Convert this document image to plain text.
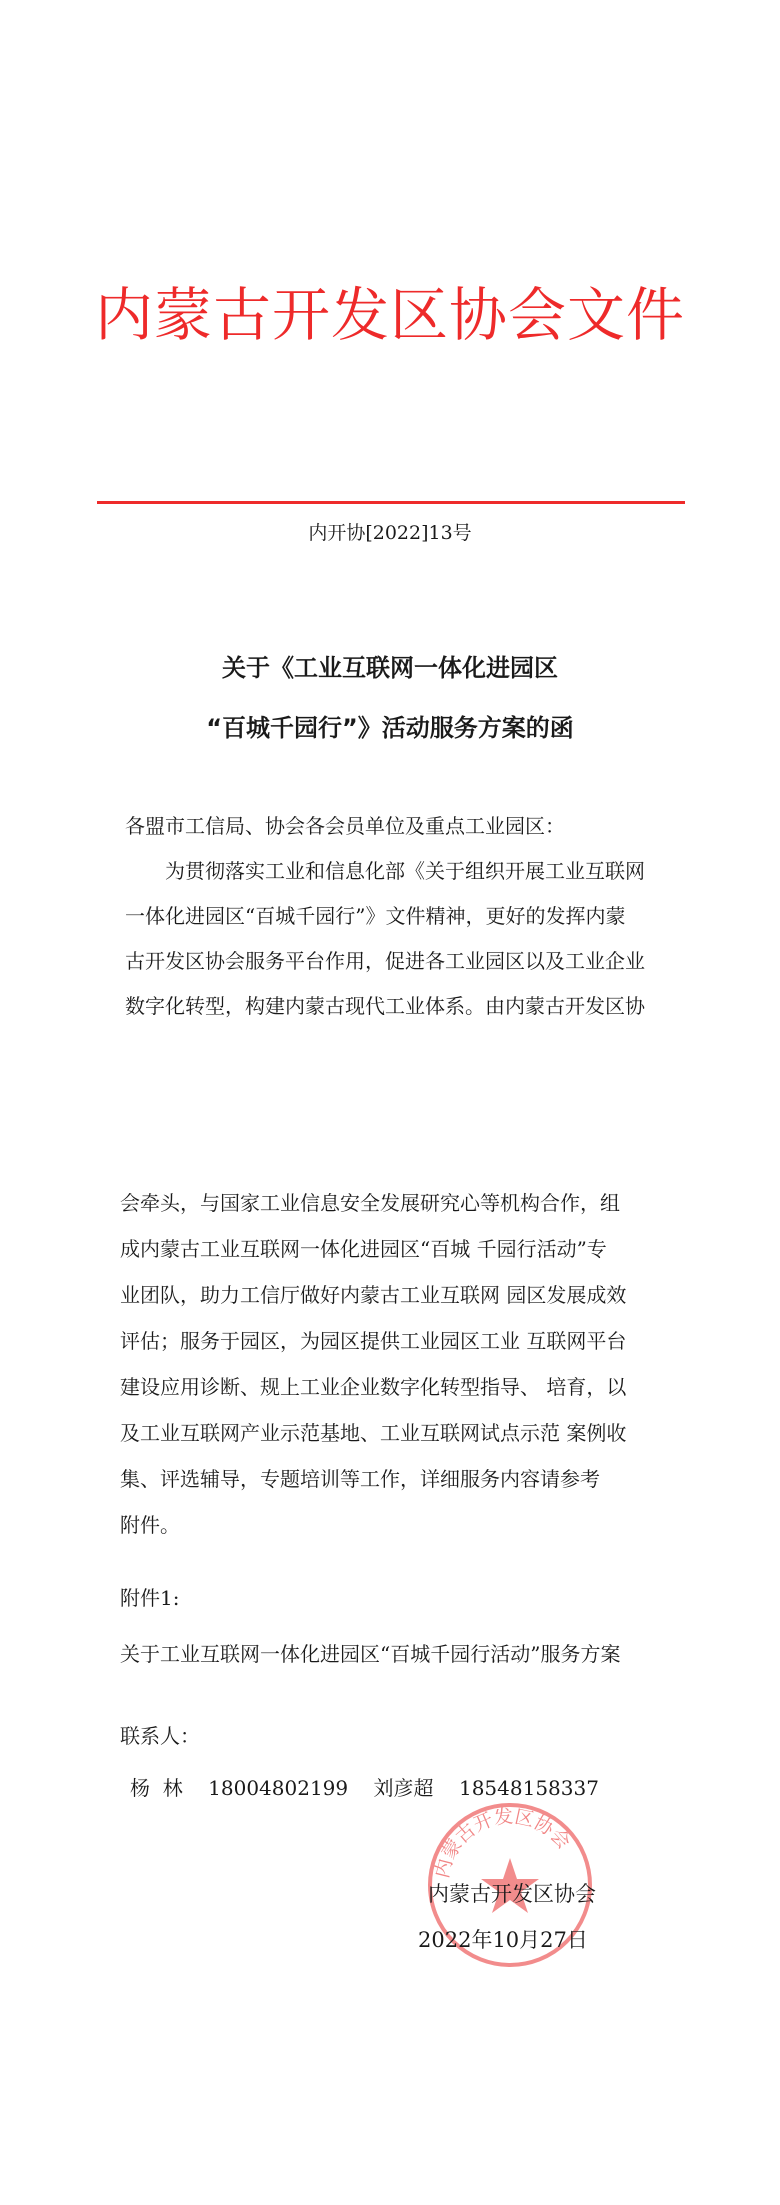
内蒙古开发区协会文件
内开协[2022]13号
关于《工业互联网一体化进园区
“百城千园行”》活动服务方案的函
各盟市工信局、协会各会员单位及重点工业园区：
为贯彻落实工业和信息化部《关于组织开展工业互联网
一体化进园区“百城千园行”》文件精神，更好的发挥内蒙
古开发区协会服务平台作用，促进各工业园区以及工业企业
数字化转型，构建内蒙古现代工业体系。由内蒙古开发区协
会牵头，与国家工业信息安全发展研究心等机构合作，组
成内蒙古工业互联网一体化进园区“百城 千园行活动”专
业团队，助力工信厅做好内蒙古工业互联网 园区发展成效
评估；服务于园区，为园区提供工业园区工业 互联网平台
建设应用诊断、规上工业企业数字化转型指导、 培育，以
及工业互联网产业示范基地、工业互联网试点示范 案例收
集、评选辅导，专题培训等工作，详细服务内容请参考
附件。
附件1:
关于工业互联网一体化进园区“百城千园行活动”服务方案
联系人：
杨  林    18004802199    刘彦超    18548158337
内蒙古开发区协会
内蒙古开发区协会
2022年10月27日
